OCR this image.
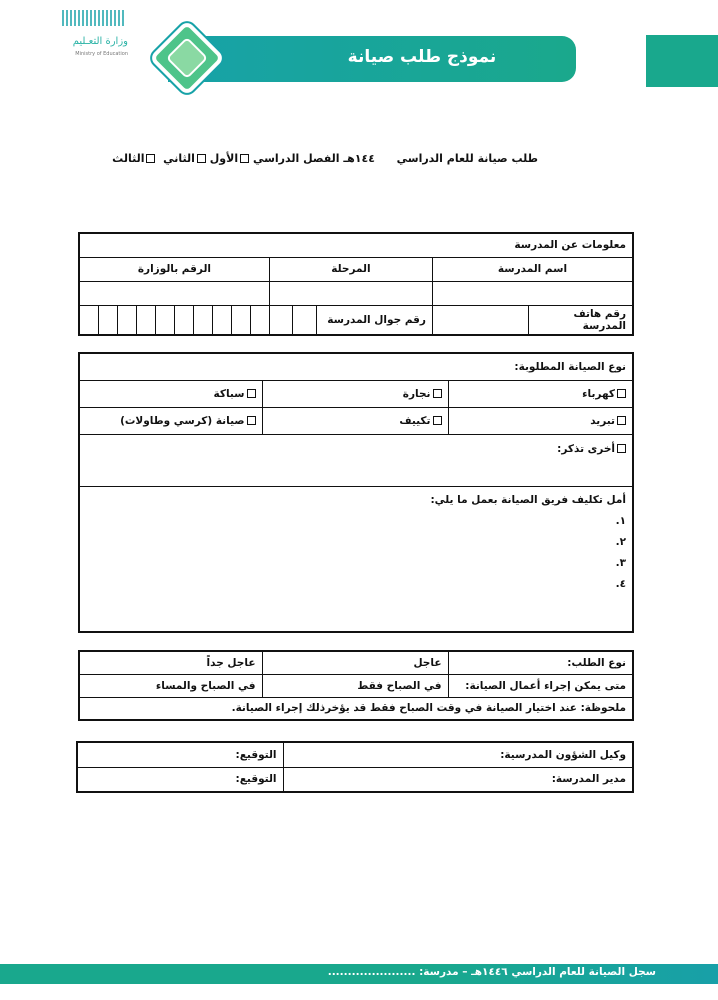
وزارة التعـليم
Ministry of Education	نموذج طلب صيانة
طلب صيانة للعام الدراسي  ١٤٤هـ الفصل الدراسي الأول الثاني  الثالث
معلومات عن المدرسة														
اسم المدرسة		المرحلة			الرقم بالوزارة									

رقم هاتف المدرسة		رقم جوال المدرسة												
نوع الصيانة المطلوبة:		
كهرباء	نجارة	سباكة
تبريد	تكييف	صيانة (كرسي وطاولات)
أخرى تذكر:		

أمل تكليف فريق الصيانة بعمل ما يلي:
١.
٢.
٣.
٤.		
نوع الطلب:	عاجل	عاجل جداً
متى يمكن إجراء أعمال الصيانة:	في الصباح فقط	في الصباح والمساء
ملحوظة: عند اختيار الصيانة في وقت الصباح فقط قد يؤخرذلك إجراء الصيانة.		
وكيل الشؤون المدرسية:	التوقيع:
مدير المدرسة:	التوقيع:
سجل الصيانة للعام الدراسي ١٤٤٦هـ – مدرسة: ......................
